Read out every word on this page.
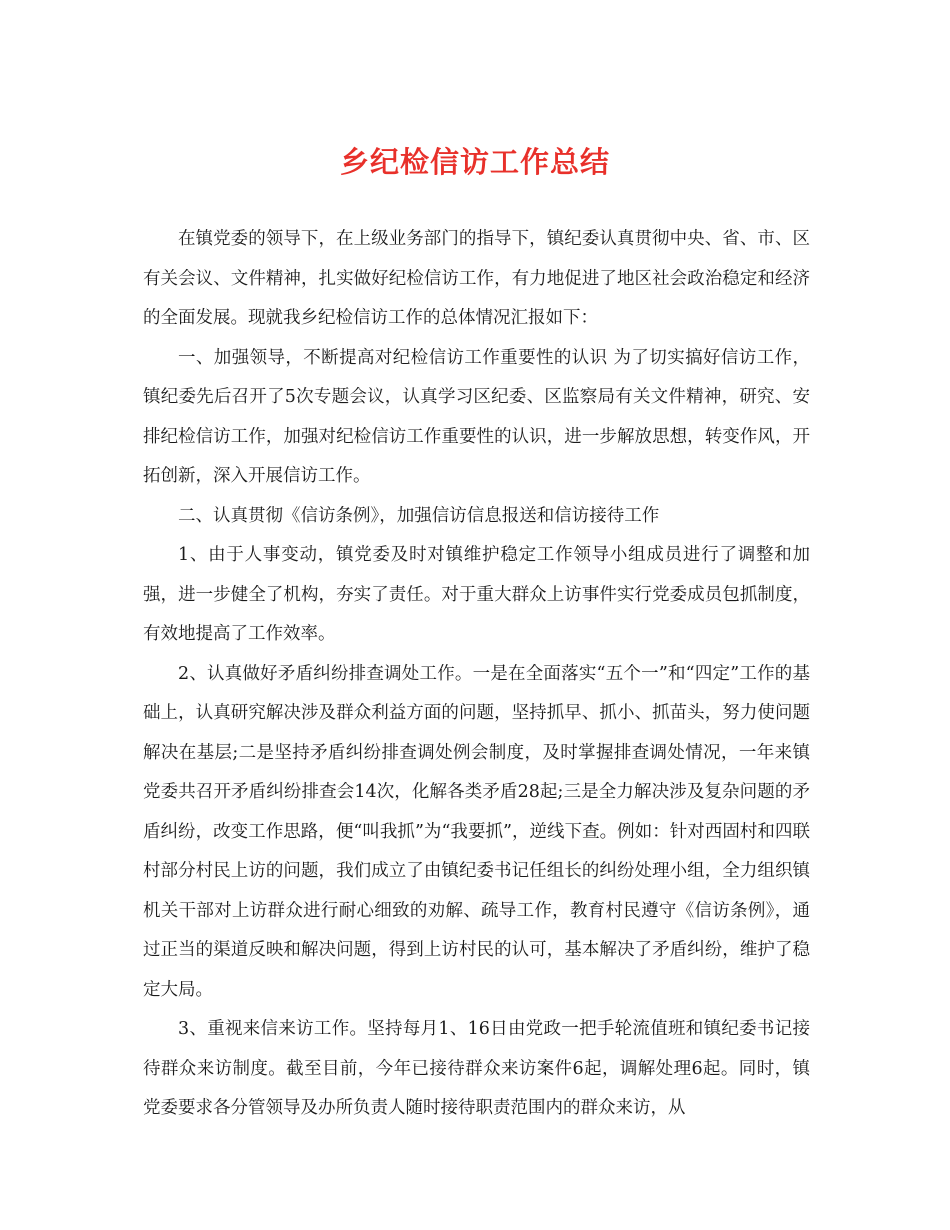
乡纪检信访工作总结

在镇党委的领导下，在上级业务部门的指导下，镇纪委认真贯彻中央、省、市、区有关会议、文件精神，扎实做好纪检信访工作，有力地促进了地区社会政治稳定和经济的全面发展。现就我乡纪检信访工作的总体情况汇报如下：

一、加强领导，不断提高对纪检信访工作重要性的认识 为了切实搞好信访工作，镇纪委先后召开了5次专题会议，认真学习区纪委、区监察局有关文件精神，研究、安排纪检信访工作，加强对纪检信访工作重要性的认识，进一步解放思想，转变作风，开拓创新，深入开展信访工作。

二、认真贯彻《信访条例》，加强信访信息报送和信访接待工作

1、由于人事变动，镇党委及时对镇维护稳定工作领导小组成员进行了调整和加强，进一步健全了机构，夯实了责任。对于重大群众上访事件实行党委成员包抓制度，有效地提高了工作效率。

2、认真做好矛盾纠纷排查调处工作。一是在全面落实“五个一”和“四定”工作的基础上，认真研究解决涉及群众利益方面的问题，坚持抓早、抓小、抓苗头，努力使问题解决在基层;二是坚持矛盾纠纷排查调处例会制度，及时掌握排查调处情况，一年来镇党委共召开矛盾纠纷排查会14次，化解各类矛盾28起;三是全力解决涉及复杂问题的矛盾纠纷，改变工作思路，便“叫我抓”为“我要抓”，逆线下查。例如：针对西固村和四联村部分村民上访的问题，我们成立了由镇纪委书记任组长的纠纷处理小组，全力组织镇机关干部对上访群众进行耐心细致的劝解、疏导工作，教育村民遵守《信访条例》，通过正当的渠道反映和解决问题，得到上访村民的认可，基本解决了矛盾纠纷，维护了稳定大局。

3、重视来信来访工作。坚持每月1、16日由党政一把手轮流值班和镇纪委书记接待群众来访制度。截至目前，今年已接待群众来访案件6起，调解处理6起。同时，镇党委要求各分管领导及办所负责人随时接待职责范围内的群众来访，从
